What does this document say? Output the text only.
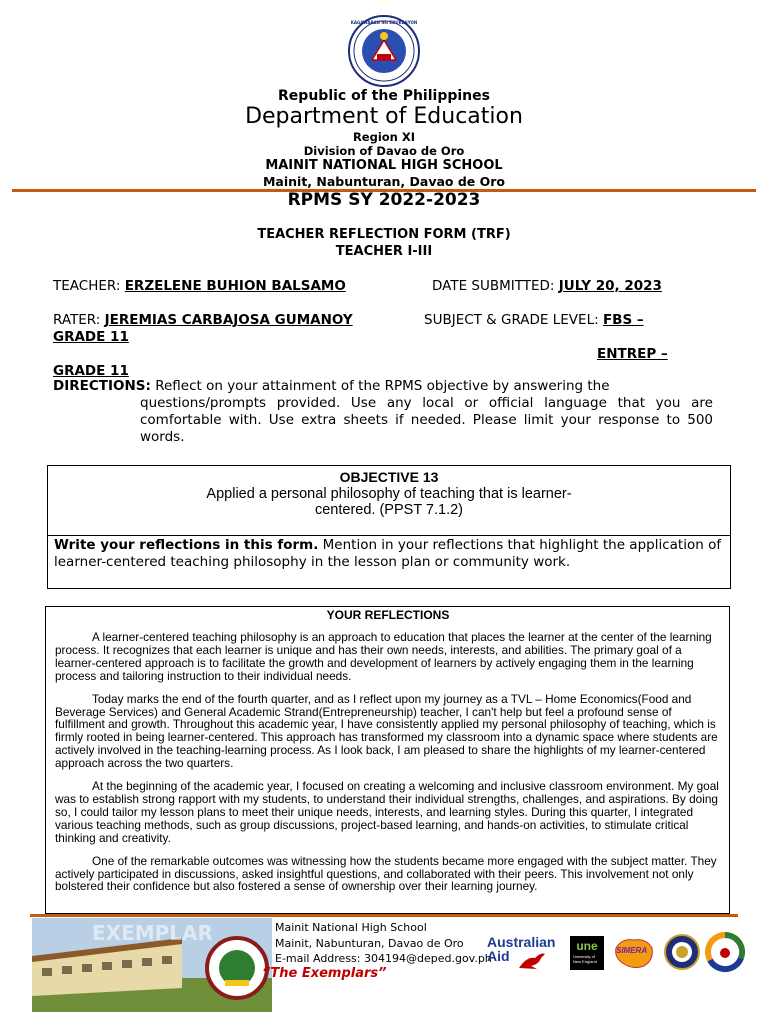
KAGAWARAN NG EDUKASYON
Republic of the Philippines
Department of Education
Region XI
Division of Davao de Oro
MAINIT NATIONAL HIGH SCHOOL
Mainit, Nabunturan, Davao de Oro
RPMS SY 2022-2023
TEACHER REFLECTION FORM (TRF)
TEACHER I-III
TEACHER: ERZELENE BUHION BALSAMO	DATE SUBMITTED: JULY 20, 2023
RATER: JEREMIAS CARBAJOSA GUMANOY	SUBJECT & GRADE LEVEL: FBS –
GRADE 11
ENTREP –
GRADE 11
DIRECTIONS: Reflect on your attainment of the RPMS objective by answering the
questions/prompts provided. Use any local or official language that you are comfortable with. Use extra sheets if needed. Please limit your response to 500 words.
OBJECTIVE 13
Applied a personal philosophy of teaching that is learner-centered. (PPST 7.1.2)
Write your reflections in this form. Mention in your reflections that highlight the application of learner-centered teaching philosophy in the lesson plan or community work.
YOUR REFLECTIONS

A learner-centered teaching philosophy is an approach to education that places the learner at the center of the learning process. It recognizes that each learner is unique and has their own needs, interests, and abilities. The primary goal of a learner-centered approach is to facilitate the growth and development of learners by actively engaging them in the learning process and tailoring instruction to their individual needs.

Today marks the end of the fourth quarter, and as I reflect upon my journey as a TVL – Home Economics(Food and Beverage Services) and General Academic Strand(Entrepreneurship) teacher, I can't help but feel a profound sense of fulfillment and growth. Throughout this academic year, I have consistently applied my personal philosophy of teaching, which is firmly rooted in being learner-centered. This approach has transformed my classroom into a dynamic space where students are actively involved in the teaching-learning process. As I look back, I am pleased to share the highlights of my learner-centered approach across the two quarters.

At the beginning of the academic year, I focused on creating a welcoming and inclusive classroom environment. My goal was to establish strong rapport with my students, to understand their individual strengths, challenges, and aspirations. By doing so, I could tailor my lesson plans to meet their unique needs, interests, and learning styles. During this quarter, I integrated various teaching methods, such as group discussions, project-based learning, and hands-on activities, to stimulate critical thinking and creativity.

One of the remarkable outcomes was witnessing how the students became more engaged with the subject matter. They actively participated in discussions, asked insightful questions, and collaborated with their peers. This involvement not only bolstered their confidence but also fostered a sense of ownership over their learning journey.

EXEMPLAR	Mainit National High School
Mainit, Nabunturan, Davao de Oro
E-mail Address: 304194@deped.gov.ph
“The Exemplars”
Australian
Aid
une
University of New England
SIMERA
